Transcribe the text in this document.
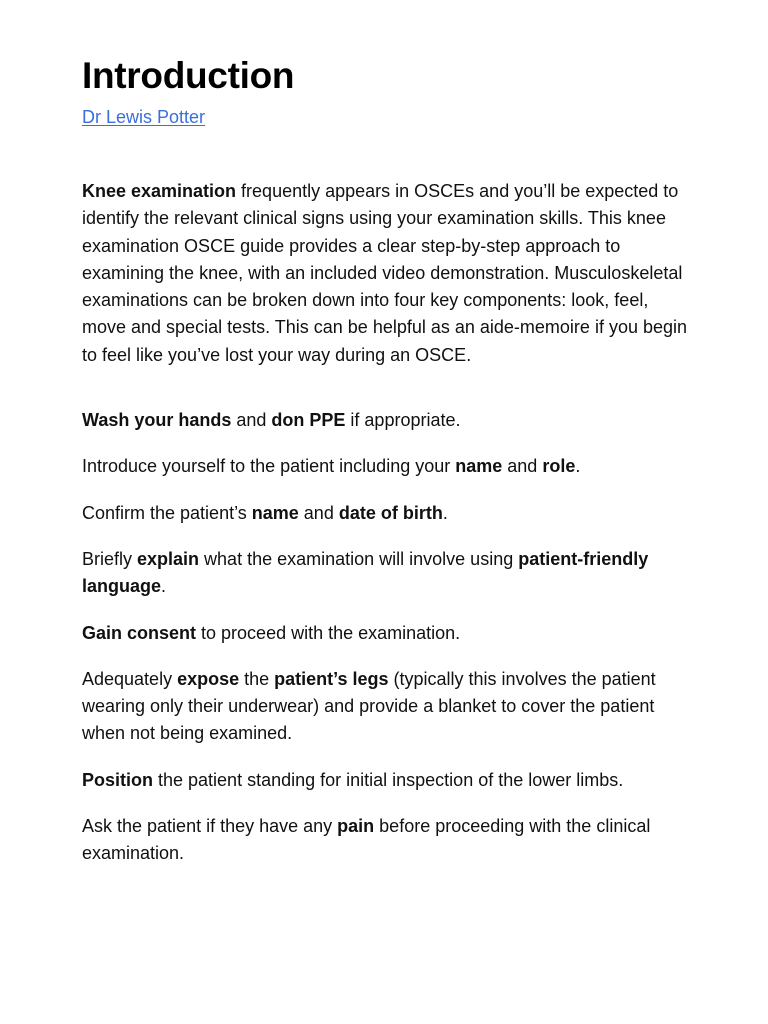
Introduction
Dr Lewis Potter

Knee examination frequently appears in OSCEs and you’ll be expected to identify the relevant clinical signs using your examination skills. This knee examination OSCE guide provides a clear step-by-step approach to examining the knee, with an included video demonstration. Musculoskeletal examinations can be broken down into four key components: look, feel, move and special tests. This can be helpful as an aide-memoire if you begin to feel like you’ve lost your way during an OSCE.

Wash your hands and don PPE if appropriate.

Introduce yourself to the patient including your name and role.

Confirm the patient’s name and date of birth.

Briefly explain what the examination will involve using patient-friendly language.

Gain consent to proceed with the examination.

Adequately expose the patient’s legs (typically this involves the patient wearing only their underwear) and provide a blanket to cover the patient when not being examined.

Position the patient standing for initial inspection of the lower limbs.

Ask the patient if they have any pain before proceeding with the clinical examination.
